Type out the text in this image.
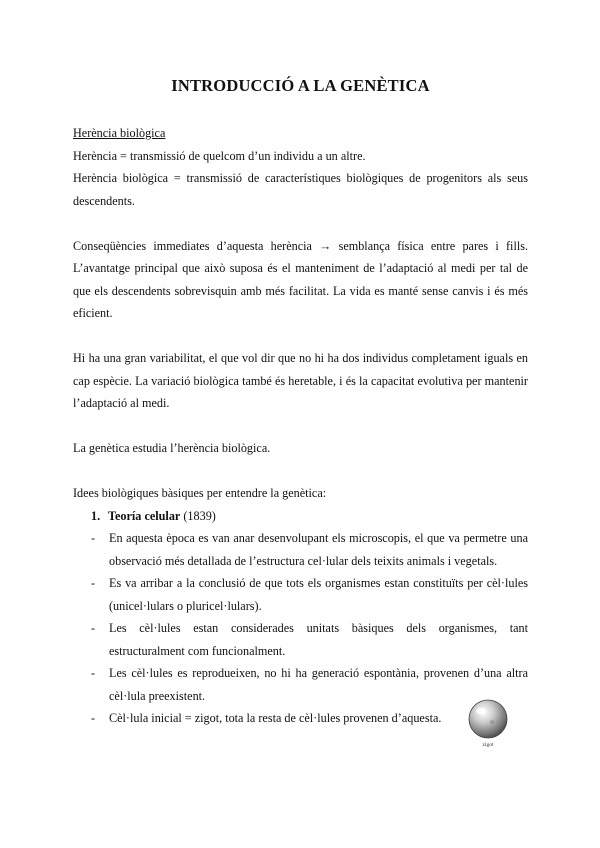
INTRODUCCIÓ A LA GENÈTICA

Herència biològica

Herència = transmissió de quelcom d’un individu a un altre.

Herència biològica = transmissió de característiques biològiques de progenitors als seus descendents.

Conseqüències immediates d’aquesta herència → semblança física entre pares i fills. L’avantatge principal que això suposa és el manteniment de l’adaptació al medi per tal de que els descendents sobrevisquin amb més facilitat. La vida es manté sense canvis i és més eficient.

Hi ha una gran variabilitat, el que vol dir que no hi ha dos individus completament iguals en cap espècie. La variació biològica també és heretable, i és la capacitat evolutiva per mantenir l’adaptació al medi.

La genètica estudia l’herència biològica.

Idees biològiques bàsiques per entendre la genètica:

1. Teoría celular (1839)

- En aquesta època es van anar desenvolupant els microscopis, el que va permetre una observació més detallada de l’estructura cel·lular dels teixits animals i vegetals.
- Es va arribar a la conclusió de que tots els organismes estan constituïts per cèl·lules (unicel·lulars o pluricel·lulars).
- Les cèl·lules estan considerades unitats bàsiques dels organismes, tant estructuralment com funcionalment.
- Les cèl·lules es reprodueixen, no hi ha generació espontània, provenen d’una altra cèl·lula preexistent.
- Cèl·lula inicial = zigot, tota la resta de cèl·lules provenen d’aquesta.
zigot
